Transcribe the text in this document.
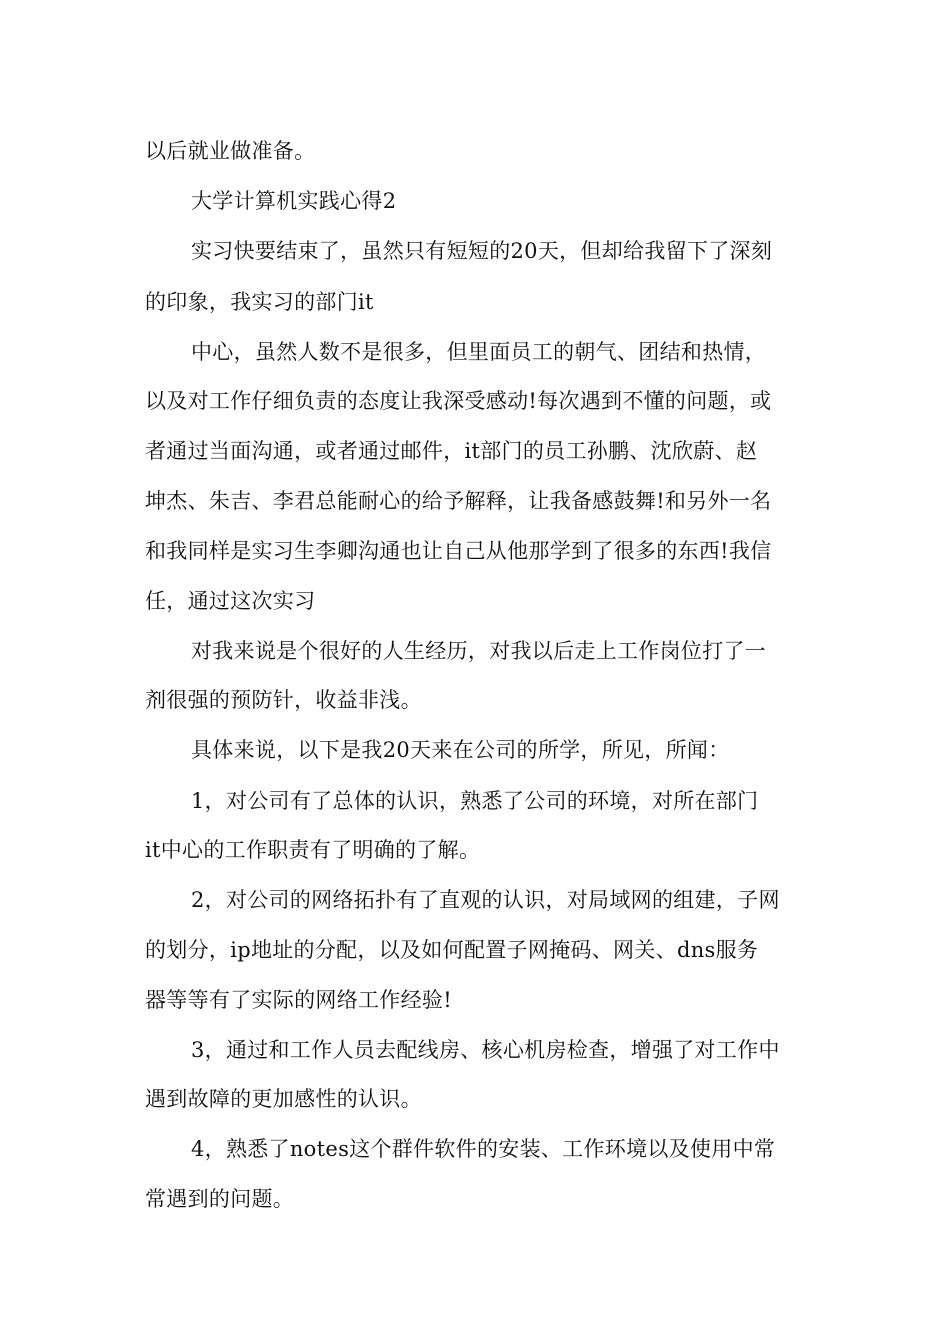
以后就业做准备。
大学计算机实践心得2
实习快要结束了，虽然只有短短的20天，但却给我留下了深刻
的印象，我实习的部门it
中心，虽然人数不是很多，但里面员工的朝气、团结和热情，
以及对工作仔细负责的态度让我深受感动!每次遇到不懂的问题，或
者通过当面沟通，或者通过邮件，it部门的员工孙鹏、沈欣蔚、赵
坤杰、朱吉、李君总能耐心的给予解释，让我备感鼓舞!和另外一名
和我同样是实习生李卿沟通也让自己从他那学到了很多的东西!我信
任，通过这次实习
对我来说是个很好的人生经历，对我以后走上工作岗位打了一
剂很强的预防针，收益非浅。
具体来说，以下是我20天来在公司的所学，所见，所闻：
1，对公司有了总体的认识，熟悉了公司的环境，对所在部门
it中心的工作职责有了明确的了解。
2，对公司的网络拓扑有了直观的认识，对局域网的组建，子网
的划分，ip地址的分配，以及如何配置子网掩码、网关、dns服务
器等等有了实际的网络工作经验!
3，通过和工作人员去配线房、核心机房检查，增强了对工作中
遇到故障的更加感性的认识。
4，熟悉了notes这个群件软件的安装、工作环境以及使用中常
常遇到的问题。
